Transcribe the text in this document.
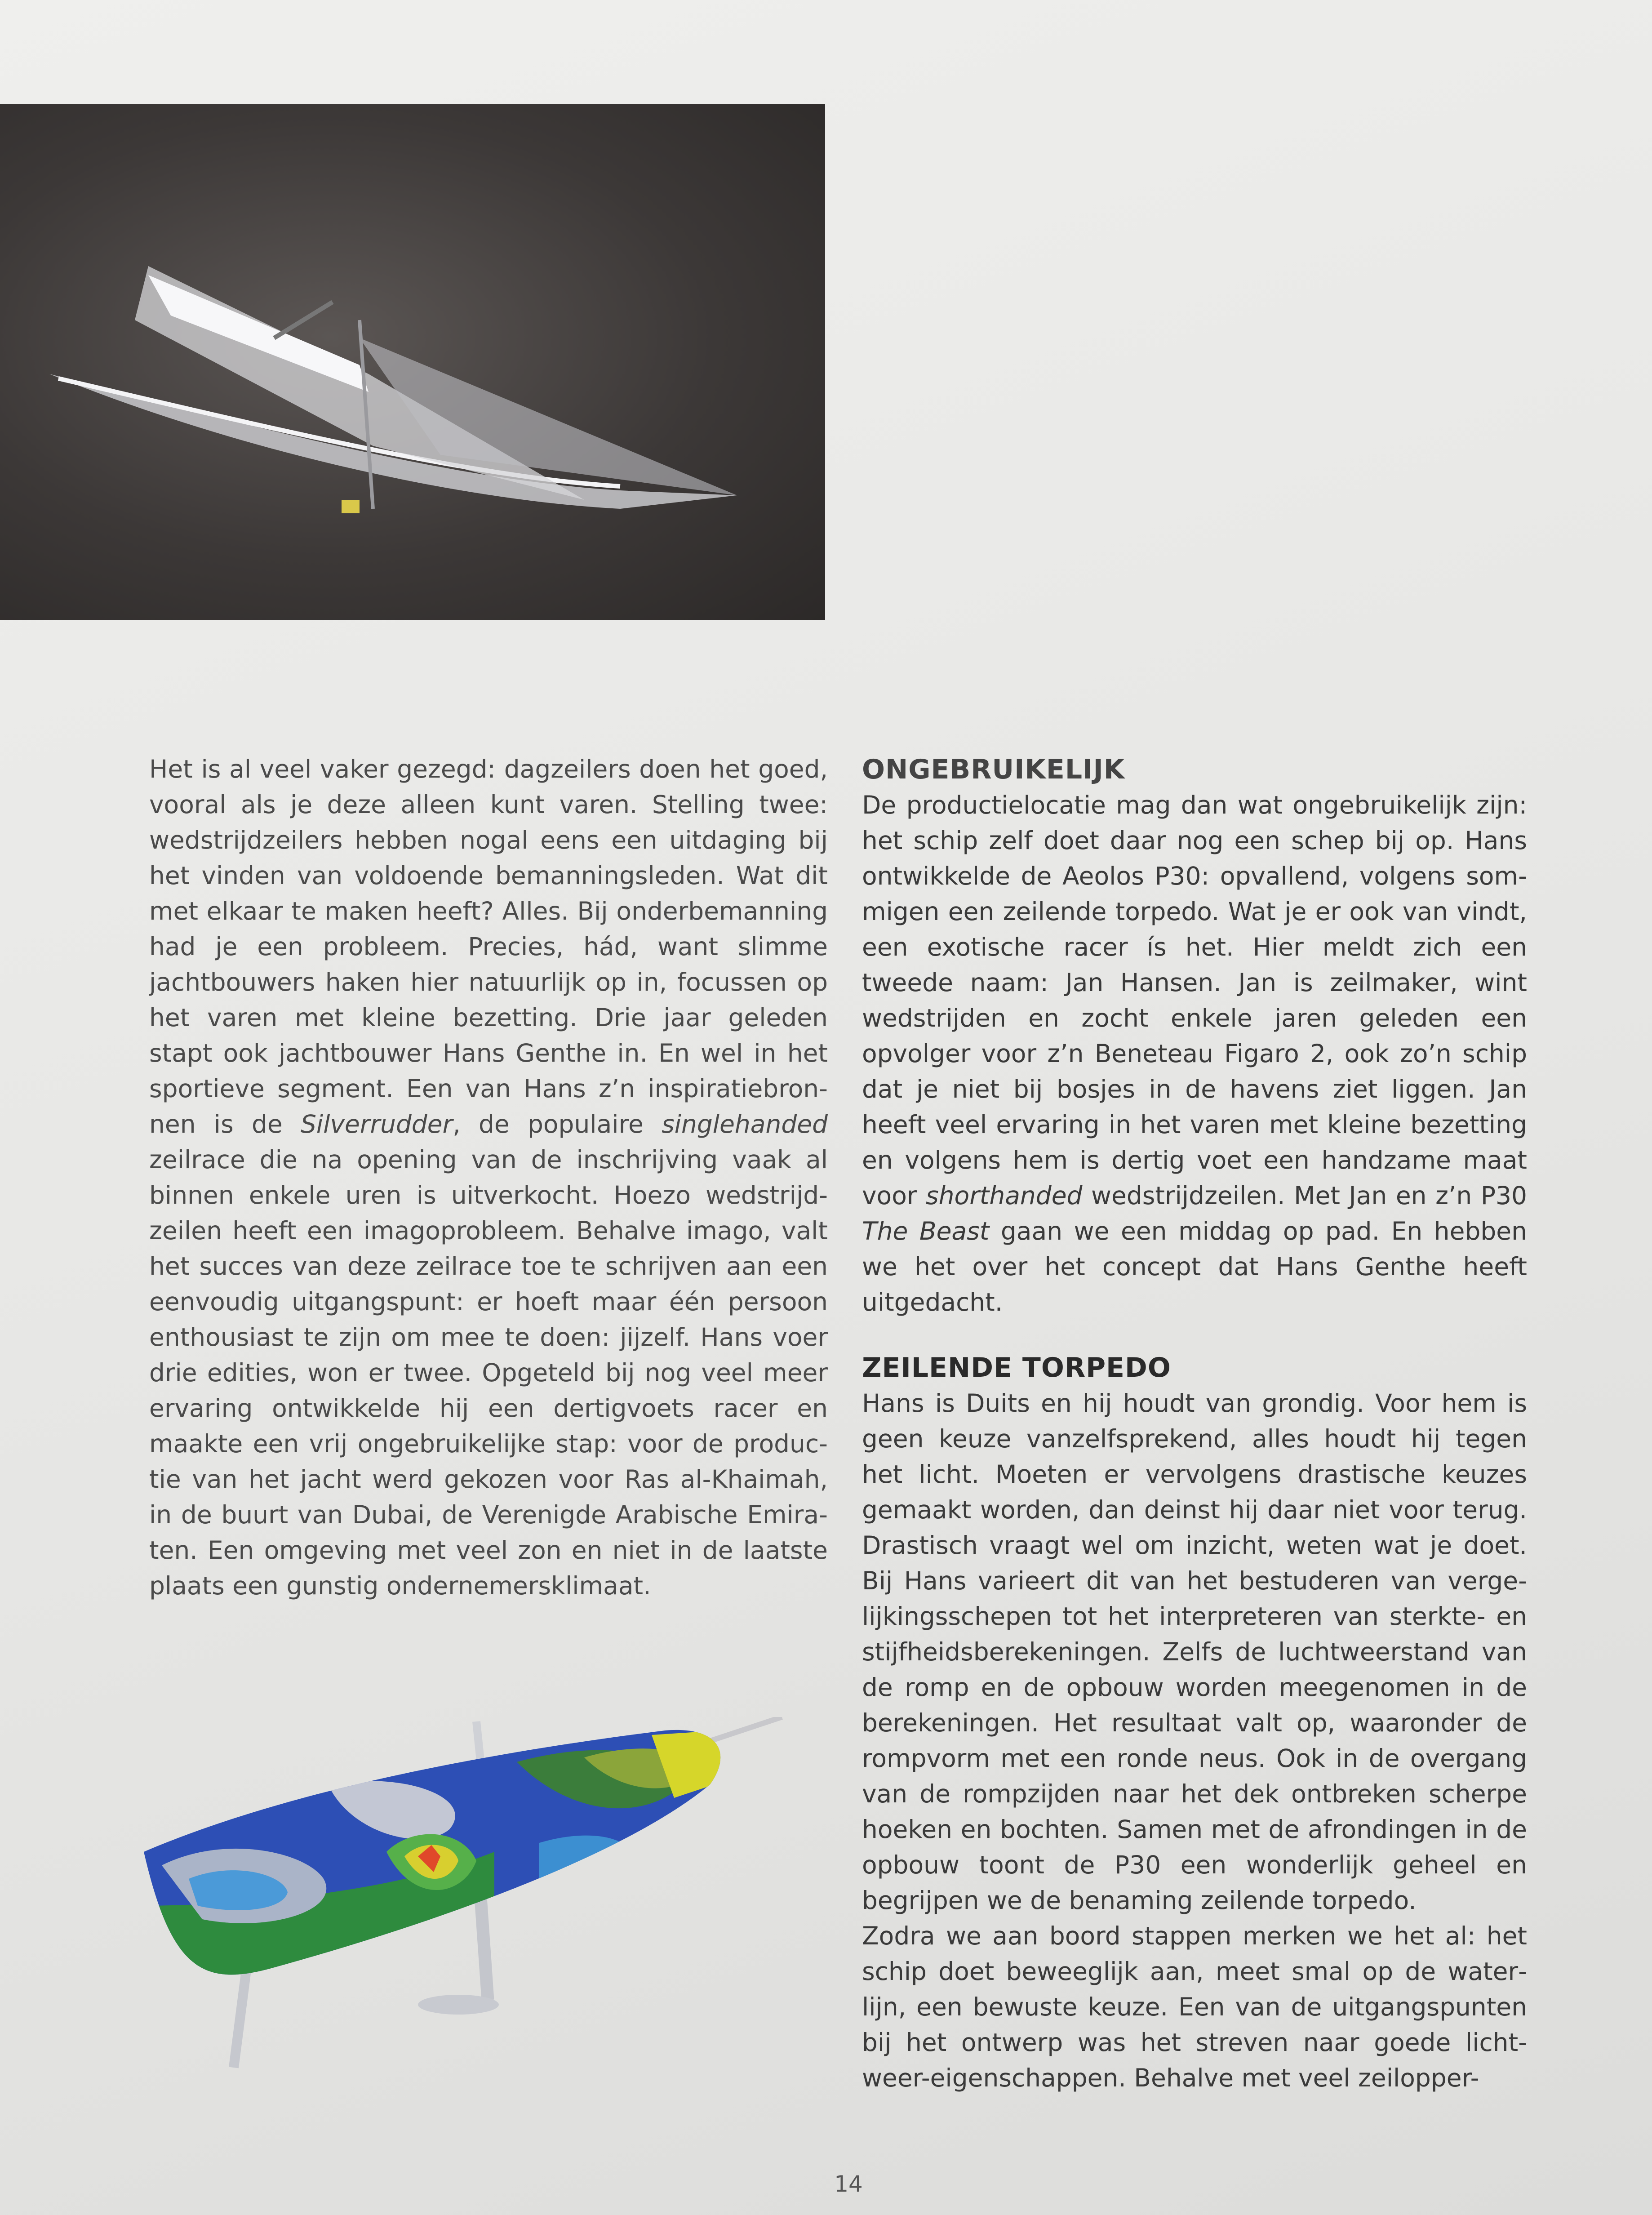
Het is al veel vaker gezegd: dagzeilers doen het goed, vooral als je deze alleen kunt varen. Stelling twee: wedstrijdzeilers hebben nogal eens een uitdaging bij het vinden van voldoende bemanningsleden. Wat dit met elkaar te maken heeft? Alles. Bij onderbemanning had je een probleem. Precies, hád, want slimme jachtbouwers haken hier natuurlijk op in, focussen op het varen met kleine bezetting. Drie jaar geleden stapt ook jachtbouwer Hans Genthe in. En wel in het sportieve segment. Een van Hans z’n inspiratiebronnen is de Silverrudder, de populaire singlehanded zeilrace die na opening van de inschrijving vaak al binnen enkele uren is uitverkocht. Hoezo wedstrijdzeilen heeft een imagoprobleem. Behalve imago, valt het succes van deze zeilrace toe te schrijven aan een eenvoudig uitgangspunt: er hoeft maar één persoon enthousiast te zijn om mee te doen: jijzelf. Hans voer drie edities, won er twee. Opgeteld bij nog veel meer ervaring ontwikkelde hij een dertigvoets racer en maakte een vrij ongebruikelijke stap: voor de productie van het jacht werd gekozen voor Ras al-Khaimah, in de buurt van Dubai, de Verenigde Arabische Emiraten. Een omgeving met veel zon en niet in de laatste plaats een gunstig ondernemersklimaat.

ONGEBRUIKELIJK

De productielocatie mag dan wat ongebruikelijk zijn: het schip zelf doet daar nog een schep bij op. Hans ontwikkelde de Aeolos P30: opvallend, volgens sommigen een zeilende torpedo. Wat je er ook van vindt, een exotische racer ís het. Hier meldt zich een tweede naam: Jan Hansen. Jan is zeilmaker, wint wedstrijden en zocht enkele jaren geleden een opvolger voor z’n Beneteau Figaro 2, ook zo’n schip dat je niet bij bosjes in de havens ziet liggen. Jan heeft veel ervaring in het varen met kleine bezetting en volgens hem is dertig voet een handzame maat voor shorthanded wedstrijdzeilen. Met Jan en z’n P30 The Beast gaan we een middag op pad. En hebben we het over het concept dat Hans Genthe heeft uitgedacht.

ZEILENDE TORPEDO

Hans is Duits en hij houdt van grondig. Voor hem is geen keuze vanzelfsprekend, alles houdt hij tegen het licht. Moeten er vervolgens drastische keuzes gemaakt worden, dan deinst hij daar niet voor terug. Drastisch vraagt wel om inzicht, weten wat je doet. Bij Hans varieert dit van het bestuderen van vergelijkingsschepen tot het interpreteren van sterkte- en stijfheidsberekeningen. Zelfs de luchtweerstand van de romp en de opbouw worden meegenomen in de berekeningen. Het resultaat valt op, waaronder de rompvorm met een ronde neus. Ook in de overgang van de rompzijden naar het dek ontbreken scherpe hoeken en bochten. Samen met de afrondingen in de opbouw toont de P30 een wonderlijk geheel en begrijpen we de benaming zeilende torpedo.

Zodra we aan boord stappen merken we het al: het schip doet beweeglijk aan, meet smal op de waterlijn, een bewuste keuze. Een van de uitgangspunten bij het ontwerp was het streven naar goede lichtweer-eigenschappen. Behalve met veel zeilopper-

14
